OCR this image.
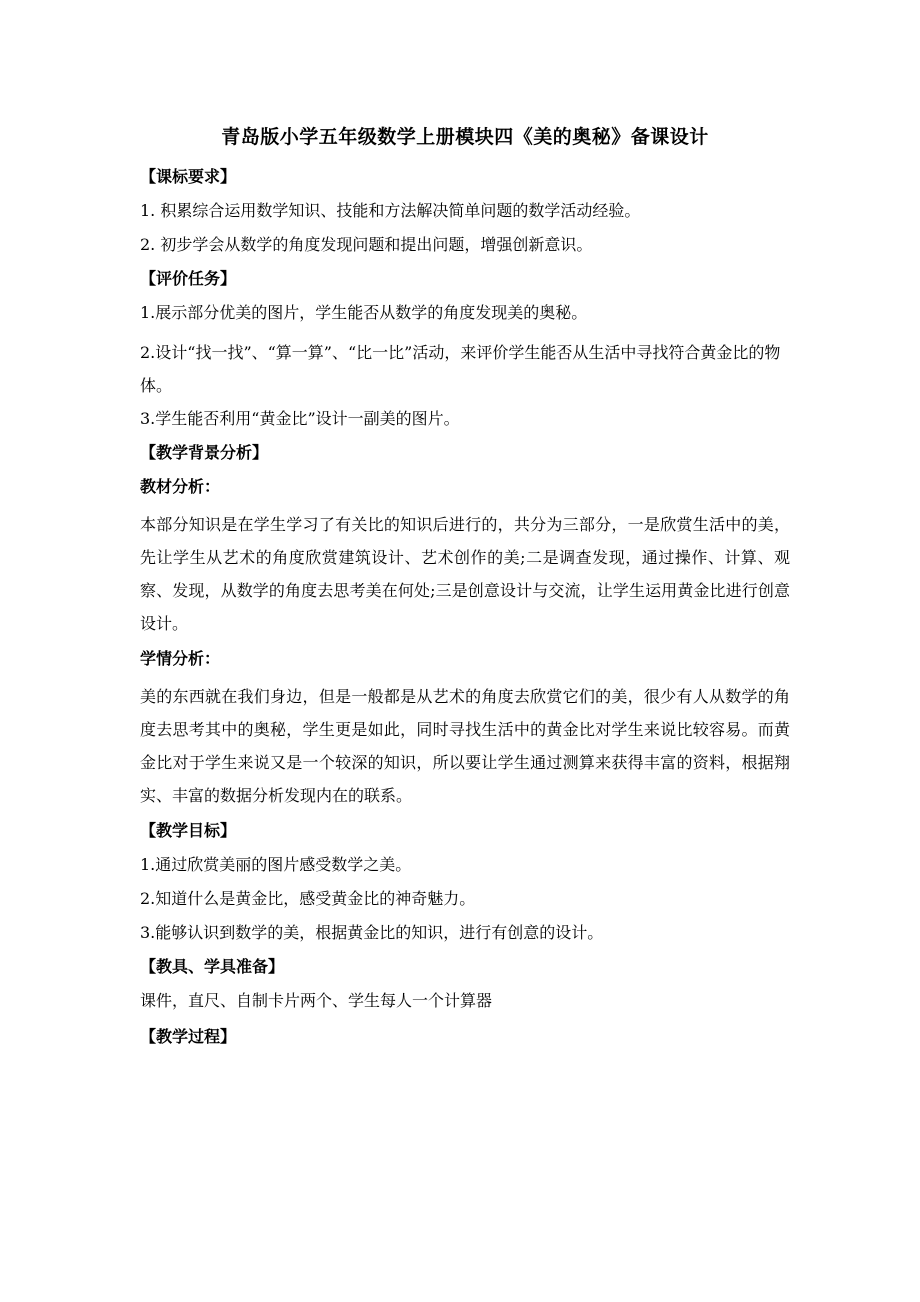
青岛版小学五年级数学上册模块四《美的奥秘》备课设计
【课标要求】
1. 积累综合运用数学知识、技能和方法解决简单问题的数学活动经验。
2. 初步学会从数学的角度发现问题和提出问题，增强创新意识。
【评价任务】
1.展示部分优美的图片，学生能否从数学的角度发现美的奥秘。
2.设计“找一找”、“算一算”、“比一比”活动，来评价学生能否从生活中寻找符合黄金比的物体。
3.学生能否利用“黄金比”设计一副美的图片。
【教学背景分析】
教材分析：
本部分知识是在学生学习了有关比的知识后进行的，共分为三部分，一是欣赏生活中的美，先让学生从艺术的角度欣赏建筑设计、艺术创作的美;二是调查发现，通过操作、计算、观察、发现，从数学的角度去思考美在何处;三是创意设计与交流，让学生运用黄金比进行创意设计。
学情分析：
美的东西就在我们身边，但是一般都是从艺术的角度去欣赏它们的美，很少有人从数学的角度去思考其中的奥秘，学生更是如此，同时寻找生活中的黄金比对学生来说比较容易。而黄金比对于学生来说又是一个较深的知识，所以要让学生通过测算来获得丰富的资料，根据翔实、丰富的数据分析发现内在的联系。
【教学目标】
1.通过欣赏美丽的图片感受数学之美。
2.知道什么是黄金比，感受黄金比的神奇魅力。
3.能够认识到数学的美，根据黄金比的知识，进行有创意的设计。
【教具、学具准备】
课件，直尺、自制卡片两个、学生每人一个计算器
【教学过程】
